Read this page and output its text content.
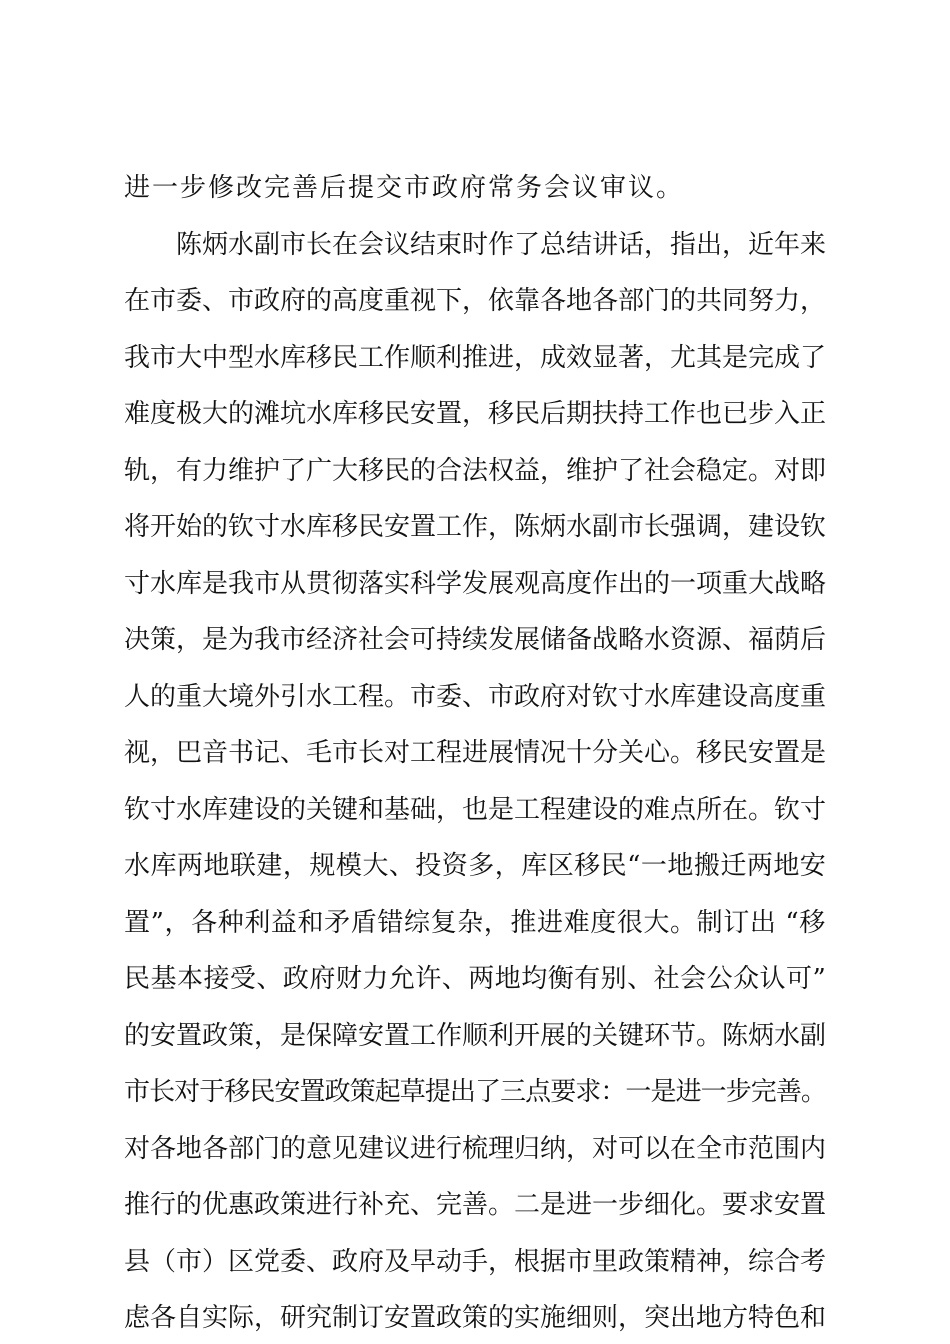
进一步修改完善后提交市政府常务会议审议。
陈炳水副市长在会议结束时作了总结讲话，指出，近年来
在市委、市政府的高度重视下，依靠各地各部门的共同努力，
我市大中型水库移民工作顺利推进，成效显著，尤其是完成了
难度极大的滩坑水库移民安置，移民后期扶持工作也已步入正
轨，有力维护了广大移民的合法权益，维护了社会稳定。对即
将开始的钦寸水库移民安置工作，陈炳水副市长强调，建设钦
寸水库是我市从贯彻落实科学发展观高度作出的一项重大战略
决策，是为我市经济社会可持续发展储备战略水资源、福荫后
人的重大境外引水工程。市委、市政府对钦寸水库建设高度重
视，巴音书记、毛市长对工程进展情况十分关心。移民安置是
钦寸水库建设的关键和基础，也是工程建设的难点所在。钦寸
水库两地联建，规模大、投资多，库区移民“一地搬迁两地安
置”，各种利益和矛盾错综复杂，推进难度很大。制订出 “移
民基本接受、政府财力允许、两地均衡有别、社会公众认可”
的安置政策，是保障安置工作顺利开展的关键环节。陈炳水副
市长对于移民安置政策起草提出了三点要求：一是进一步完善。
对各地各部门的意见建议进行梳理归纳，对可以在全市范围内
推行的优惠政策进行补充、完善。二是进一步细化。要求安置
县（市）区党委、政府及早动手，根据市里政策精神，综合考
虑各自实际，研究制订安置政策的实施细则，突出地方特色和
